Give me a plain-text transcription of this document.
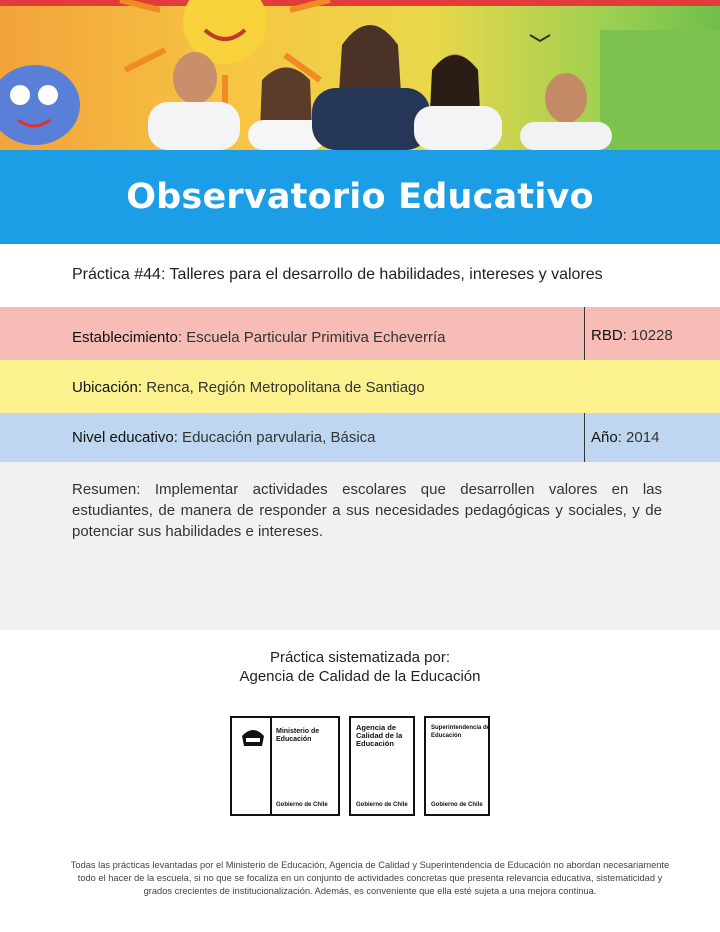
Observatorio Educativo
Práctica #44: Talleres para el desarrollo de habilidades, intereses y valores
Establecimiento: Escuela Particular Primitiva Echeverría	RBD: 10228
Ubicación: Renca, Región Metropolitana de Santiago
Nivel educativo: Educación parvularia, Básica	Año: 2014
Resumen: Implementar actividades escolares que desarrollen valores en las estudiantes, de manera de responder a sus necesidades pedagógicas y sociales, y de potenciar sus habilidades e intereses.
Práctica sistematizada por:
Agencia de Calidad de la Educación
Ministerio de Educación
Gobierno de Chile
Agencia de Calidad de la Educación
Gobierno de Chile
Superintendencia de Educación
Gobierno de Chile
Todas las prácticas levantadas por el Ministerio de Educación, Agencia de Calidad y Superintendencia de Educación no abordan necesariamente todo el hacer de la escuela, si no que se focaliza en un conjunto de actividades concretas que presenta relevancia educativa, sistematicidad y grados crecientes de institucionalización. Además, es conveniente que ella esté sujeta a una mejora continua.
